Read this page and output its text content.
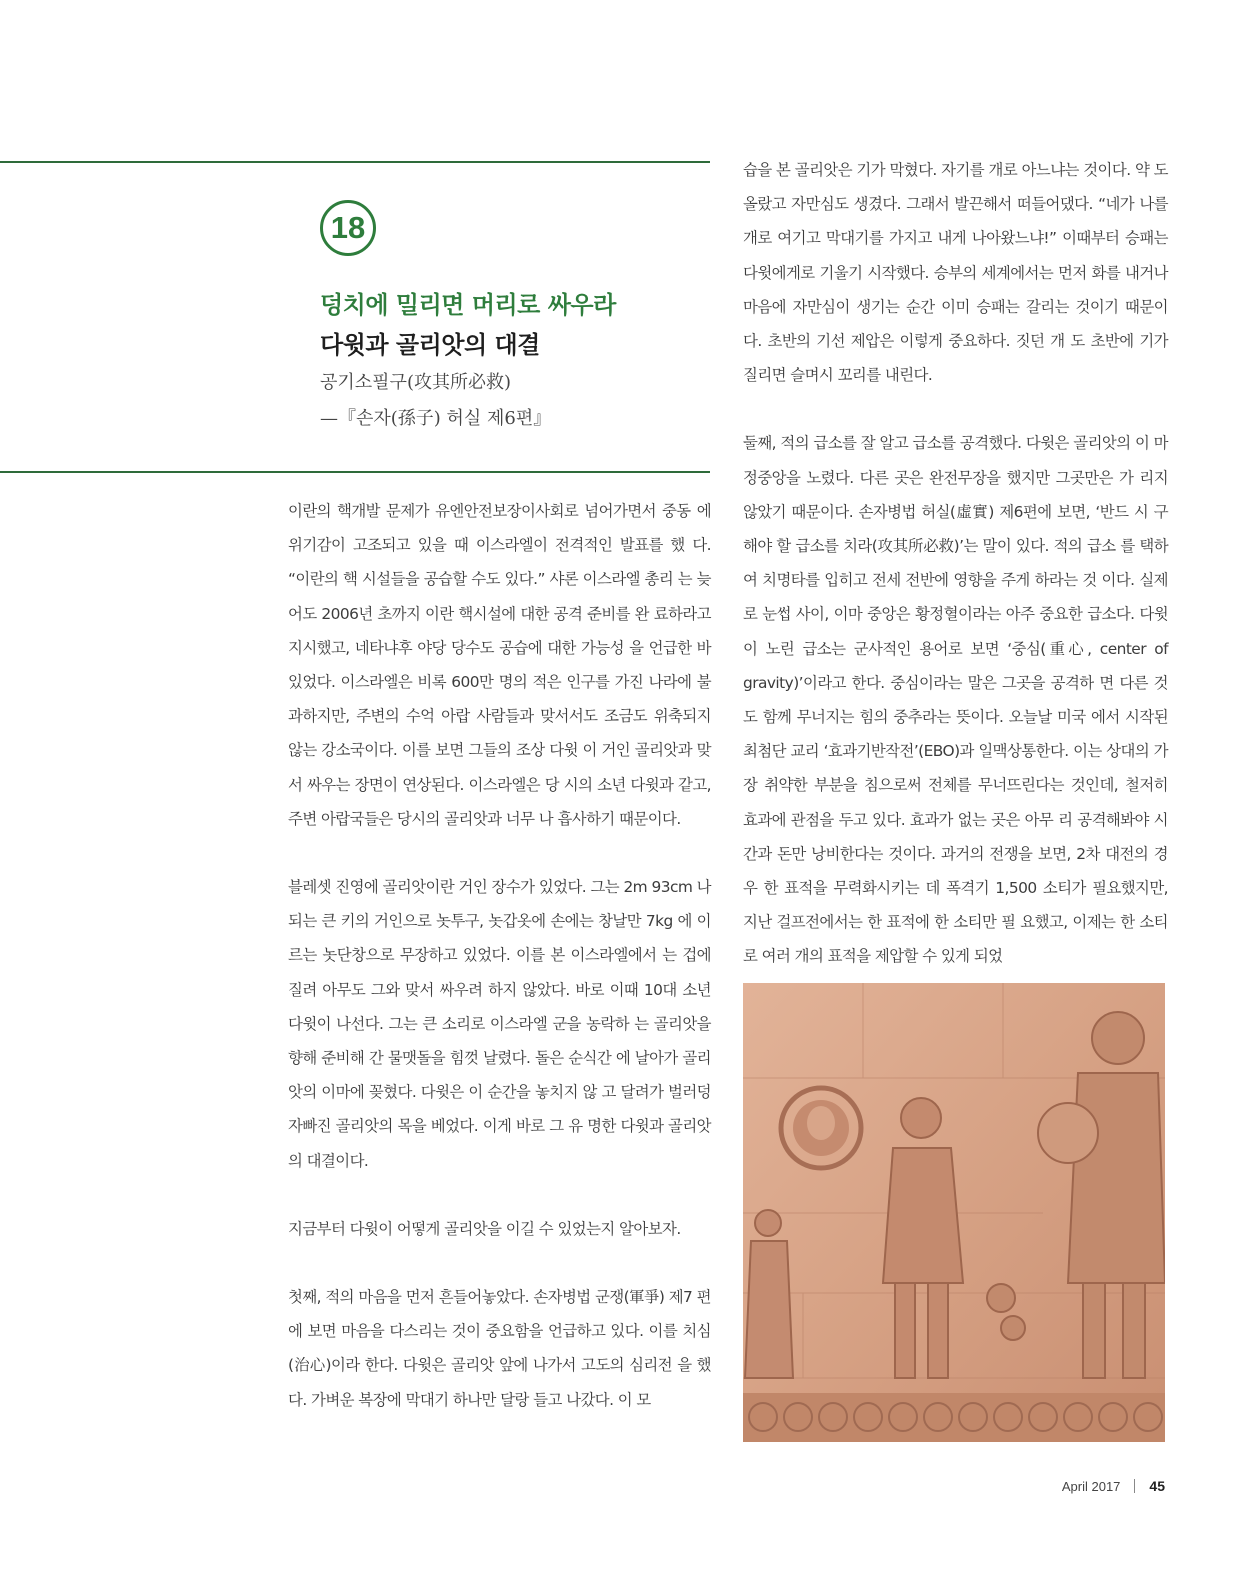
18
덩치에 밀리면 머리로 싸우라
다윗과 골리앗의 대결

공기소필구(攻其所必救)

—『손자(孫子) 허실 제6편』

이란의 핵개발 문제가 유엔안전보장이사회로 넘어가면서 중동 에 위기감이 고조되고 있을 때 이스라엘이 전격적인 발표를 했 다. “이란의 핵 시설들을 공습할 수도 있다.” 샤론 이스라엘 총리 는 늦어도 2006년 초까지 이란 핵시설에 대한 공격 준비를 완 료하라고 지시했고, 네타냐후 야당 당수도 공습에 대한 가능성 을 언급한 바 있었다. 이스라엘은 비록 600만 명의 적은 인구를 가진 나라에 불과하지만, 주변의 수억 아랍 사람들과 맞서서도 조금도 위축되지 않는 강소국이다. 이를 보면 그들의 조상 다윗 이 거인 골리앗과 맞서 싸우는 장면이 연상된다. 이스라엘은 당 시의 소년 다윗과 같고, 주변 아랍국들은 당시의 골리앗과 너무 나 흡사하기 때문이다.

블레셋 진영에 골리앗이란 거인 장수가 있었다. 그는 2m 93cm 나 되는 큰 키의 거인으로 놋투구, 놋갑옷에 손에는 창날만 7kg 에 이르는 놋단창으로 무장하고 있었다. 이를 본 이스라엘에서 는 겁에 질려 아무도 그와 맞서 싸우려 하지 않았다. 바로 이때 10대 소년 다윗이 나선다. 그는 큰 소리로 이스라엘 군을 농락하 는 골리앗을 향해 준비해 간 물맷돌을 힘껏 날렸다. 돌은 순식간 에 날아가 골리앗의 이마에 꽂혔다. 다윗은 이 순간을 놓치지 않 고 달려가 벌러덩 자빠진 골리앗의 목을 베었다. 이게 바로 그 유 명한 다윗과 골리앗의 대결이다.

지금부터 다윗이 어떻게 골리앗을 이길 수 있었는지 알아보자.

첫째, 적의 마음을 먼저 흔들어놓았다. 손자병법 군쟁(軍爭) 제7 편에 보면 마음을 다스리는 것이 중요함을 언급하고 있다. 이를 치심(治心)이라 한다. 다윗은 골리앗 앞에 나가서 고도의 심리전 을 했다. 가벼운 복장에 막대기 하나만 달랑 들고 나갔다. 이 모

습을 본 골리앗은 기가 막혔다. 자기를 개로 아느냐는 것이다. 약 도 올랐고 자만심도 생겼다. 그래서 발끈해서 떠들어댔다. “네가 나를 개로 여기고 막대기를 가지고 내게 나아왔느냐!” 이때부터 승패는 다윗에게로 기울기 시작했다. 승부의 세계에서는 먼저 화를 내거나 마음에 자만심이 생기는 순간 이미 승패는 갈리는 것이기 때문이다. 초반의 기선 제압은 이렇게 중요하다. 짓던 개 도 초반에 기가 질리면 슬며시 꼬리를 내린다.

둘째, 적의 급소를 잘 알고 급소를 공격했다. 다윗은 골리앗의 이 마 정중앙을 노렸다. 다른 곳은 완전무장을 했지만 그곳만은 가 리지 않았기 때문이다. 손자병법 허실(虛實) 제6편에 보면, ‘반드 시 구해야 할 급소를 치라(攻其所必救)’는 말이 있다. 적의 급소 를 택하여 치명타를 입히고 전세 전반에 영향을 주게 하라는 것 이다. 실제로 눈썹 사이, 이마 중앙은 황정혈이라는 아주 중요한 급소다. 다윗이 노린 급소는 군사적인 용어로 보면 ‘중심(重心, center of gravity)’이라고 한다. 중심이라는 말은 그곳을 공격하 면 다른 것도 함께 무너지는 힘의 중추라는 뜻이다. 오늘날 미국 에서 시작된 최첨단 교리 ‘효과기반작전’(EBO)과 일맥상통한다. 이는 상대의 가장 취약한 부분을 침으로써 전체를 무너뜨린다는 것인데, 철저히 효과에 관점을 두고 있다. 효과가 없는 곳은 아무 리 공격해봐야 시간과 돈만 낭비한다는 것이다. 과거의 전쟁을 보면, 2차 대전의 경우 한 표적을 무력화시키는 데 폭격기 1,500 소티가 필요했지만, 지난 걸프전에서는 한 표적에 한 소티만 필 요했고, 이제는 한 소티로 여러 개의 표적을 제압할 수 있게 되었

April 2017 45
